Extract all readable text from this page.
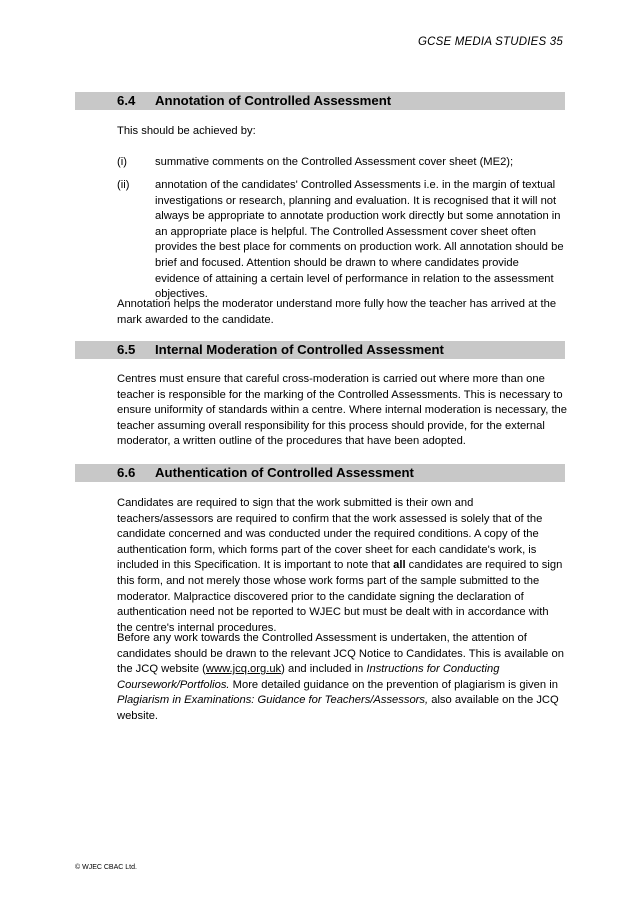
GCSE MEDIA STUDIES 35
6.4 Annotation of Controlled Assessment
This should be achieved by:
(i)	summative comments on the Controlled Assessment cover sheet (ME2);
(ii) annotation of the candidates' Controlled Assessments i.e. in the margin of textual investigations or research, planning and evaluation. It is recognised that it will not always be appropriate to annotate production work directly but some annotation in an appropriate place is helpful. The Controlled Assessment cover sheet often provides the best place for comments on production work. All annotation should be brief and focused. Attention should be drawn to where candidates provide evidence of attaining a certain level of performance in relation to the assessment objectives.
Annotation helps the moderator understand more fully how the teacher has arrived at the mark awarded to the candidate.
6.5 Internal Moderation of Controlled Assessment
Centres must ensure that careful cross-moderation is carried out where more than one teacher is responsible for the marking of the Controlled Assessments. This is necessary to ensure uniformity of standards within a centre. Where internal moderation is necessary, the teacher assuming overall responsibility for this process should provide, for the external moderator, a written outline of the procedures that have been adopted.
6.6 Authentication of Controlled Assessment
Candidates are required to sign that the work submitted is their own and teachers/assessors are required to confirm that the work assessed is solely that of the candidate concerned and was conducted under the required conditions. A copy of the authentication form, which forms part of the cover sheet for each candidate's work, is included in this Specification. It is important to note that all candidates are required to sign this form, and not merely those whose work forms part of the sample submitted to the moderator. Malpractice discovered prior to the candidate signing the declaration of authentication need not be reported to WJEC but must be dealt with in accordance with the centre's internal procedures.
Before any work towards the Controlled Assessment is undertaken, the attention of candidates should be drawn to the relevant JCQ Notice to Candidates. This is available on the JCQ website (www.jcq.org.uk) and included in Instructions for Conducting Coursework/Portfolios. More detailed guidance on the prevention of plagiarism is given in Plagiarism in Examinations: Guidance for Teachers/Assessors, also available on the JCQ website.
© WJEC CBAC Ltd.
